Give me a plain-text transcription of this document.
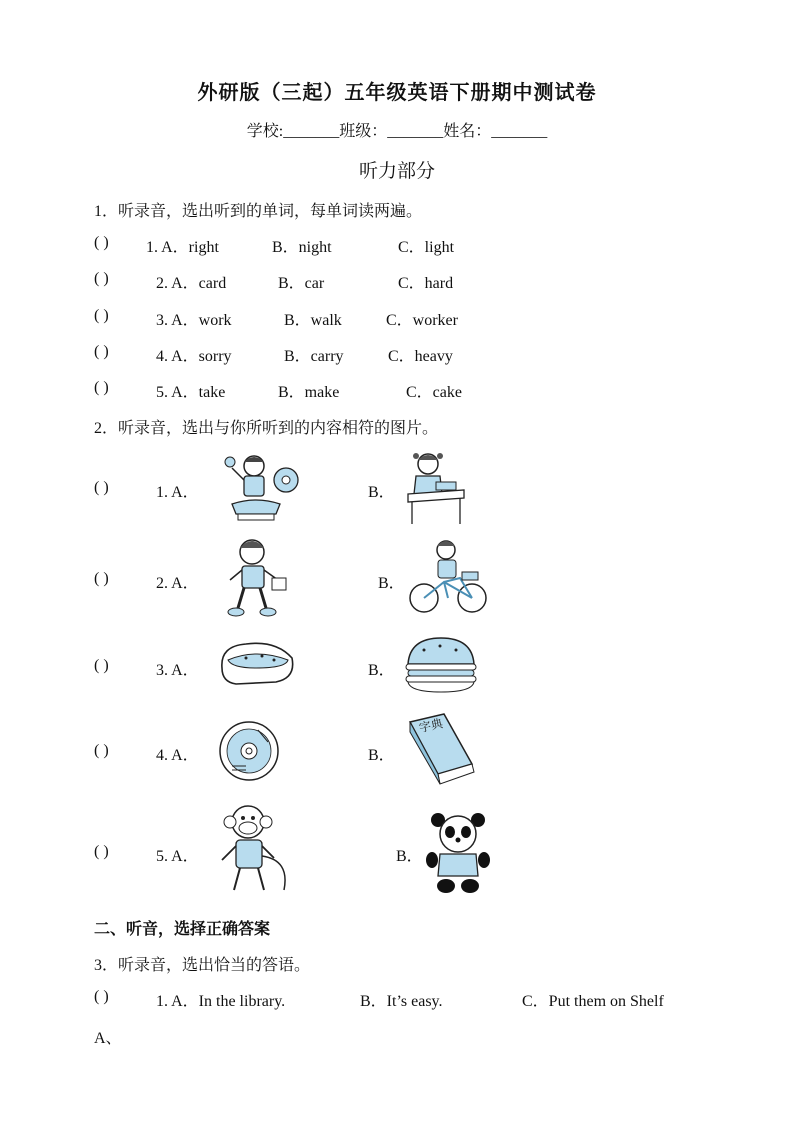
外研版（三起）五年级英语下册期中测试卷
学校:_______班级：_______姓名：_______
听力部分
1．听录音，选出听到的单词，每单词读两遍。
( ) 1. A．right	B．night	C．light
( )	2. A．card	B．car	C．hard
( )	3. A．work	B．walk	C．worker
( )	4. A．sorry	B．carry	C．heavy
( )	5. A．take	B．make	C．cake
2．听录音，选出与你所听到的内容相符的图片。
( )	1. A．	B．
( )	2. A．	B．
( )	3. A．	B．
( )	4. A．	B．
字典
( )	5. A．	B．
二、听音，选择正确答案
3．听录音，选出恰当的答语。
( )	1. A．In the library.	B．It’s easy.	C．Put them on Shelf
A、
